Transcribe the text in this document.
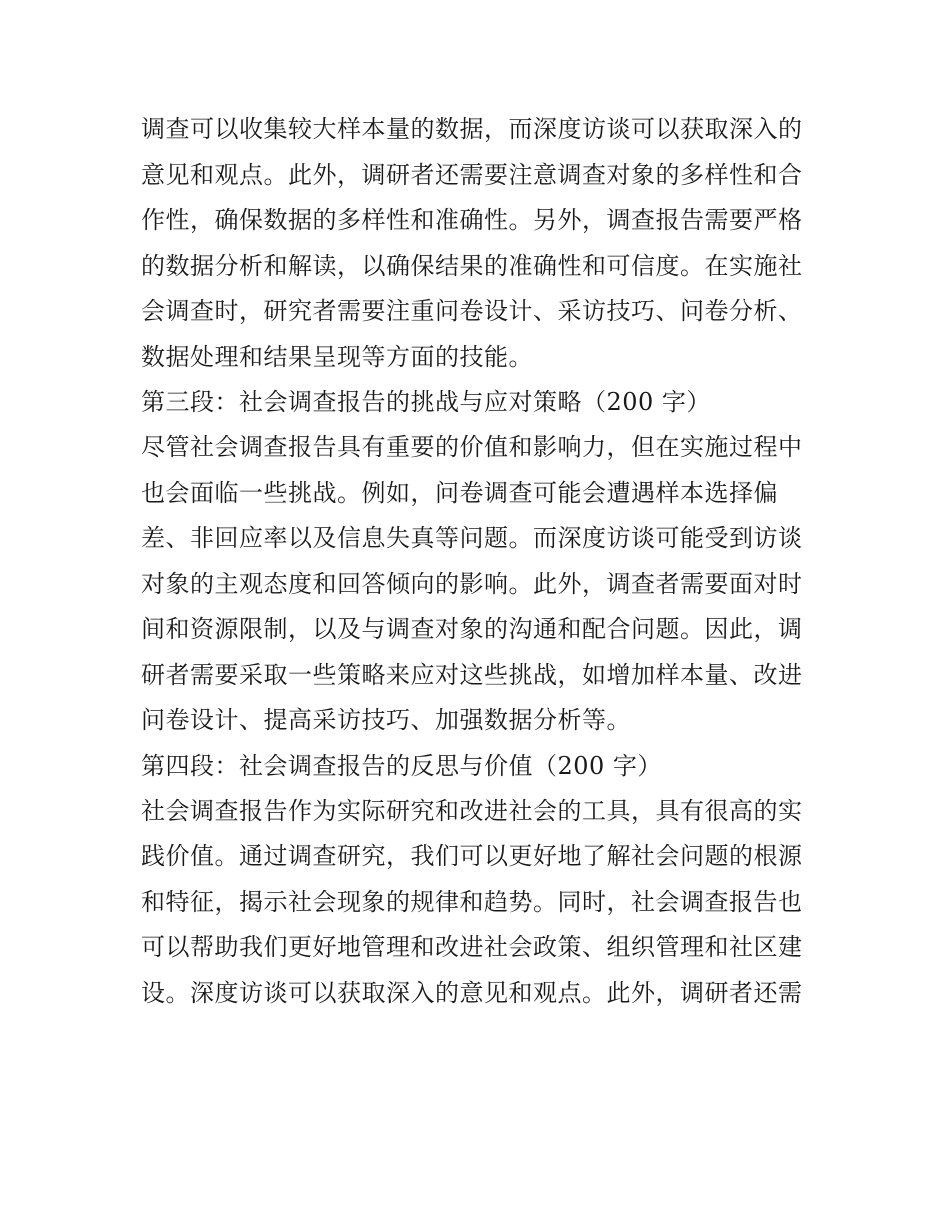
调查可以收集较大样本量的数据，而深度访谈可以获取深入的
意见和观点。此外，调研者还需要注意调查对象的多样性和合
作性，确保数据的多样性和准确性。另外，调查报告需要严格
的数据分析和解读，以确保结果的准确性和可信度。在实施社
会调查时，研究者需要注重问卷设计、采访技巧、问卷分析、
数据处理和结果呈现等方面的技能。
第三段：社会调查报告的挑战与应对策略（200 字）
尽管社会调查报告具有重要的价值和影响力，但在实施过程中
也会面临一些挑战。例如，问卷调查可能会遭遇样本选择偏
差、非回应率以及信息失真等问题。而深度访谈可能受到访谈
对象的主观态度和回答倾向的影响。此外，调查者需要面对时
间和资源限制，以及与调查对象的沟通和配合问题。因此，调
研者需要采取一些策略来应对这些挑战，如增加样本量、改进
问卷设计、提高采访技巧、加强数据分析等。
第四段：社会调查报告的反思与价值（200 字）
社会调查报告作为实际研究和改进社会的工具，具有很高的实
践价值。通过调查研究，我们可以更好地了解社会问题的根源
和特征，揭示社会现象的规律和趋势。同时，社会调查报告也
可以帮助我们更好地管理和改进社会政策、组织管理和社区建
设。深度访谈可以获取深入的意见和观点。此外，调研者还需
